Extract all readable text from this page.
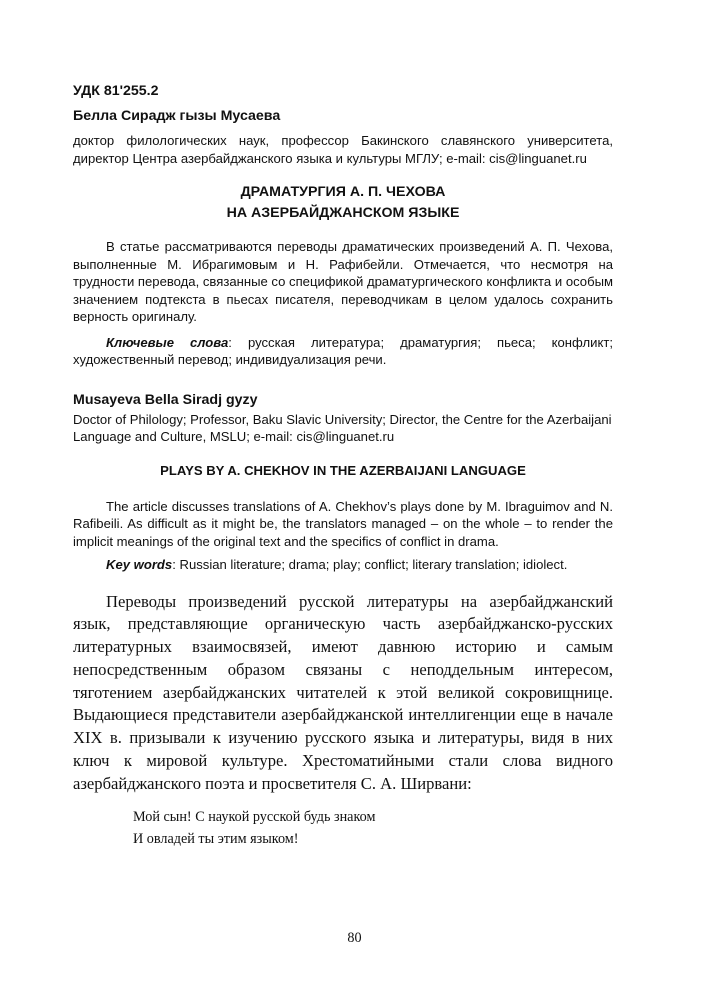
УДК 81'255.2

Белла Сирадж гызы Мусаева

доктор филологических наук, профессор Бакинского славянского университета, директор Центра азербайджанского языка и культуры МГЛУ; e-mail: cis@linguanet.ru

ДРАМАТУРГИЯ А. П. ЧЕХОВА
НА АЗЕРБАЙДЖАНСКОМ ЯЗЫКЕ

В статье рассматриваются переводы драматических произведений А. П. Чехова, выполненные М. Ибрагимовым и Н. Рафибейли. Отмечается, что несмотря на трудности перевода, связанные со спецификой драматургического конфликта и особым значением подтекста в пьесах писателя, переводчикам в целом удалось сохранить верность оригиналу.

Ключевые слова: русская литература; драматургия; пьеса; конфликт; художественный перевод; индивидуализация речи.

Musayeva Bella Siradj gyzy

Doctor of Philology; Professor, Baku Slavic University; Director, the Centre for the Azerbaijani Language and Culture, MSLU; e-mail: cis@linguanet.ru

PLAYS BY A. CHEKHOV IN THE AZERBAIJANI LANGUAGE

The article discusses translations of A. Chekhov’s plays done by M. Ibraguimov and N. Rafibeili. As difficult as it might be, the translators managed – on the whole – to render the implicit meanings of the original text and the specifics of conflict in drama.

Key words: Russian literature; drama; play; conflict; literary translation; idiolect.

Переводы произведений русской литературы на азербайджанский язык, представляющие органическую часть азербайджанско-русских литературных взаимосвязей, имеют давнюю историю и самым непосредственным образом связаны с неподдельным интересом, тяготением азербайджанских читателей к этой великой сокровищнице. Выдающиеся представители азербайджанской интеллигенции еще в начале XIX в. призывали к изучению русского языка и литературы, видя в них ключ к мировой культуре. Хрестоматийными стали слова видного азербайджанского поэта и просветителя С. А. Ширвани:

Мой сын! С наукой русской будь знаком
И овладей ты этим языком!
80
